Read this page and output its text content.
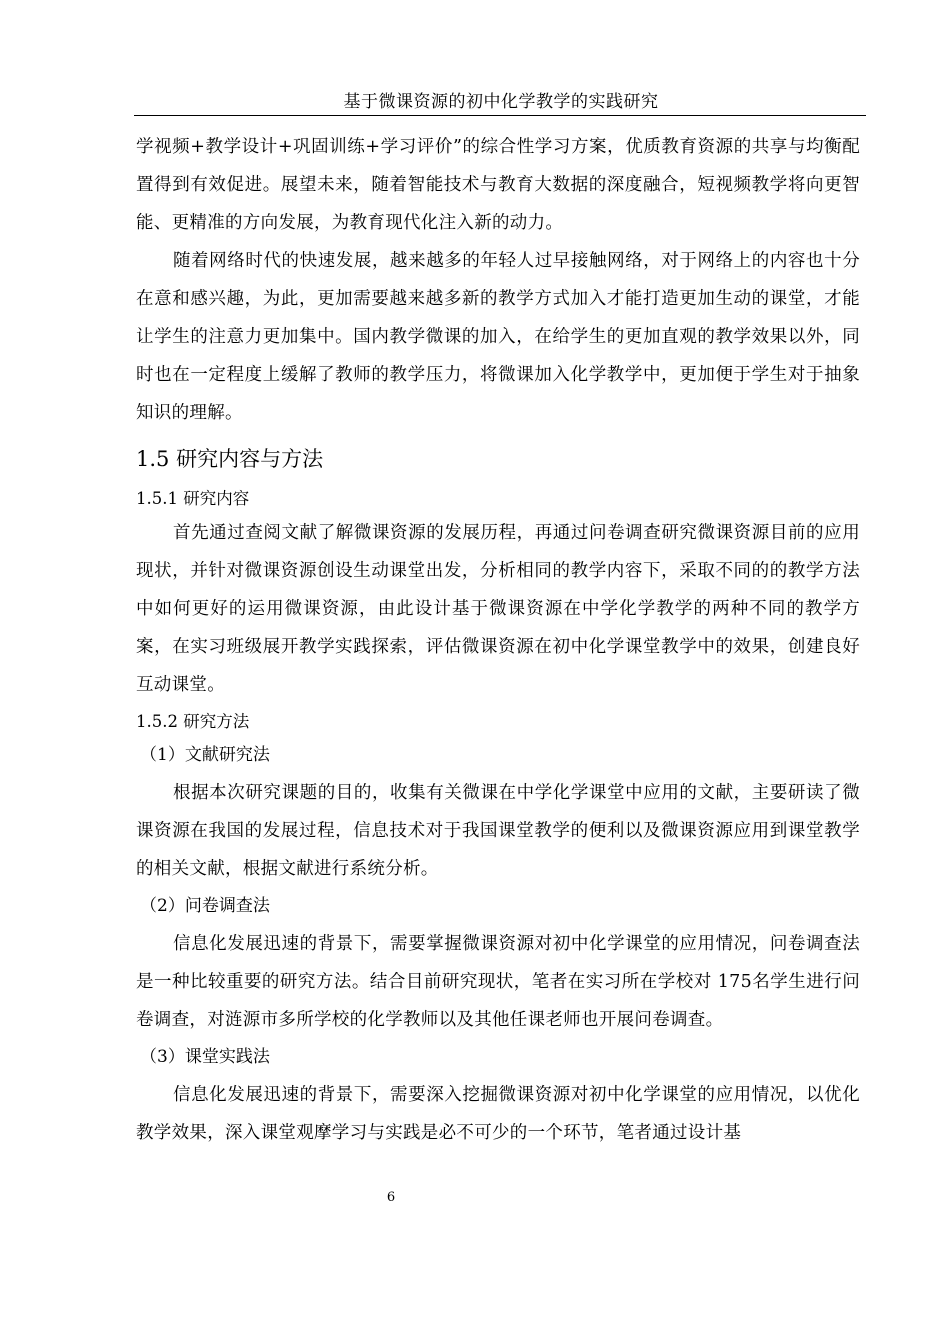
基于微课资源的初中化学教学的实践研究

学视频+教学设计+巩固训练+学习评价”的综合性学习方案，优质教育资源的共享与均衡配置得到有效促进。展望未来，随着智能技术与教育大数据的深度融合，短视频教学将向更智能、更精准的方向发展，为教育现代化注入新的动力。

随着网络时代的快速发展，越来越多的年轻人过早接触网络，对于网络上的内容也十分在意和感兴趣，为此，更加需要越来越多新的教学方式加入才能打造更加生动的课堂，才能让学生的注意力更加集中。国内教学微课的加入，在给学生的更加直观的教学效果以外，同时也在一定程度上缓解了教师的教学压力，将微课加入化学教学中，更加便于学生对于抽象知识的理解。

1.5 研究内容与方法
1.5.1 研究内容

首先通过查阅文献了解微课资源的发展历程，再通过问卷调查研究微课资源目前的应用现状，并针对微课资源创设生动课堂出发，分析相同的教学内容下，采取不同的的教学方法中如何更好的运用微课资源，由此设计基于微课资源在中学化学教学的两种不同的教学方案，在实习班级展开教学实践探索，评估微课资源在初中化学课堂教学中的效果，创建良好互动课堂。

1.5.2 研究方法

（1）文献研究法

根据本次研究课题的目的，收集有关微课在中学化学课堂中应用的文献，主要研读了微课资源在我国的发展过程，信息技术对于我国课堂教学的便利以及微课资源应用到课堂教学的相关文献，根据文献进行系统分析。

（2）问卷调查法

信息化发展迅速的背景下，需要掌握微课资源对初中化学课堂的应用情况，问卷调查法是一种比较重要的研究方法。结合目前研究现状，笔者在实习所在学校对 175名学生进行问卷调查，对涟源市多所学校的化学教师以及其他任课老师也开展问卷调查。

（3）课堂实践法

信息化发展迅速的背景下，需要深入挖掘微课资源对初中化学课堂的应用情况，以优化教学效果，深入课堂观摩学习与实践是必不可少的一个环节，笔者通过设计基

6
